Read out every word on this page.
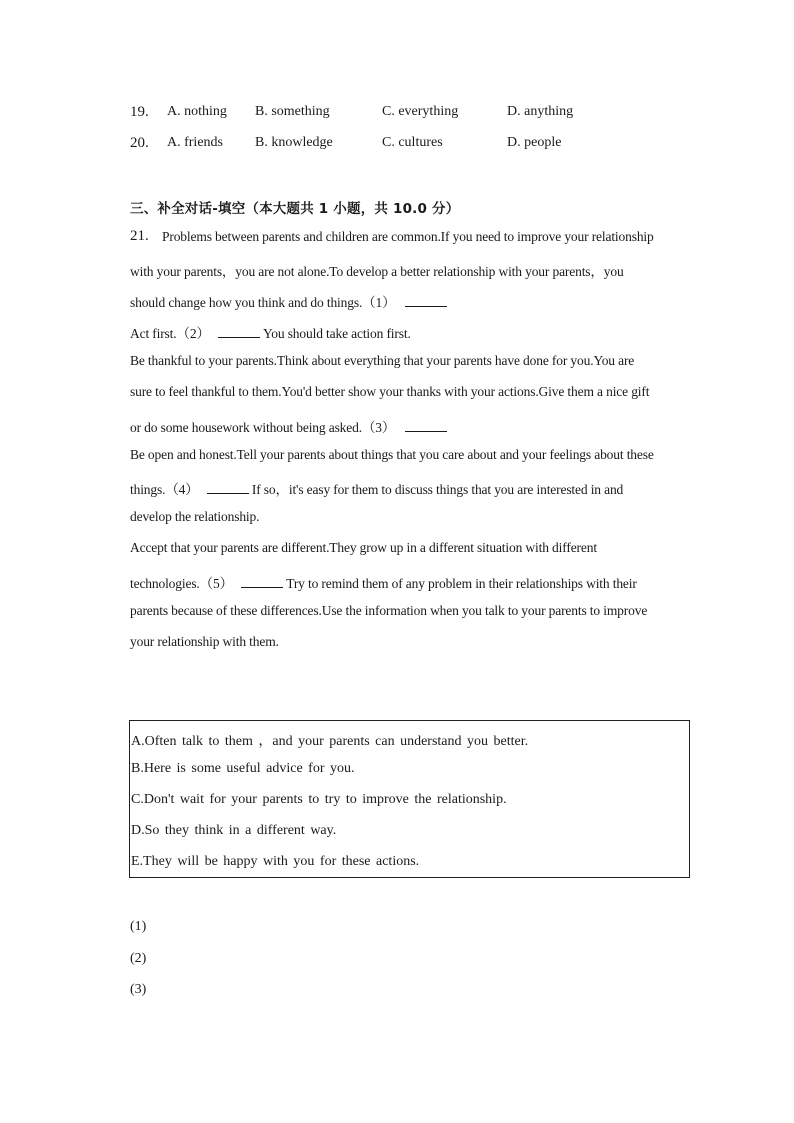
19. A. nothing B. something	C. everything	D. anything
20. A. friends B. knowledge	C. cultures	D. people
三、补全对话-填空（本大题共 1 小题，共 10.0 分）
21. Problems between parents and children are common.If you need to improve your relationship
with your parents，you are not alone.To develop a better relationship with your parents，you
should change how you think and do things.（1）
Act first.（2）	You should take action first.
Be thankful to your parents.Think about everything that your parents have done for you.You are
sure to feel thankful to them.You'd better show your thanks with your actions.Give them a nice gift
or do some housework without being asked.（3）
Be open and honest.Tell your parents about things that you care about and your feelings about these
things.（4）	If so，it's easy for them to discuss things that you are interested in and
develop the relationship.
Accept that your parents are different.They grow up in a different situation with different
technologies.（5）	Try to remind them of any problem in their relationships with their
parents because of these differences.Use the information when you talk to your parents to improve
your relationship with them.
A.Often talk to them ，and your parents can understand you better.
B.Here is some useful advice for you.
C.Don't wait for your parents to try to improve the relationship.
D.So they think in a different way.
E.They will be happy with you for these actions.
(1)
(2)
(3)
